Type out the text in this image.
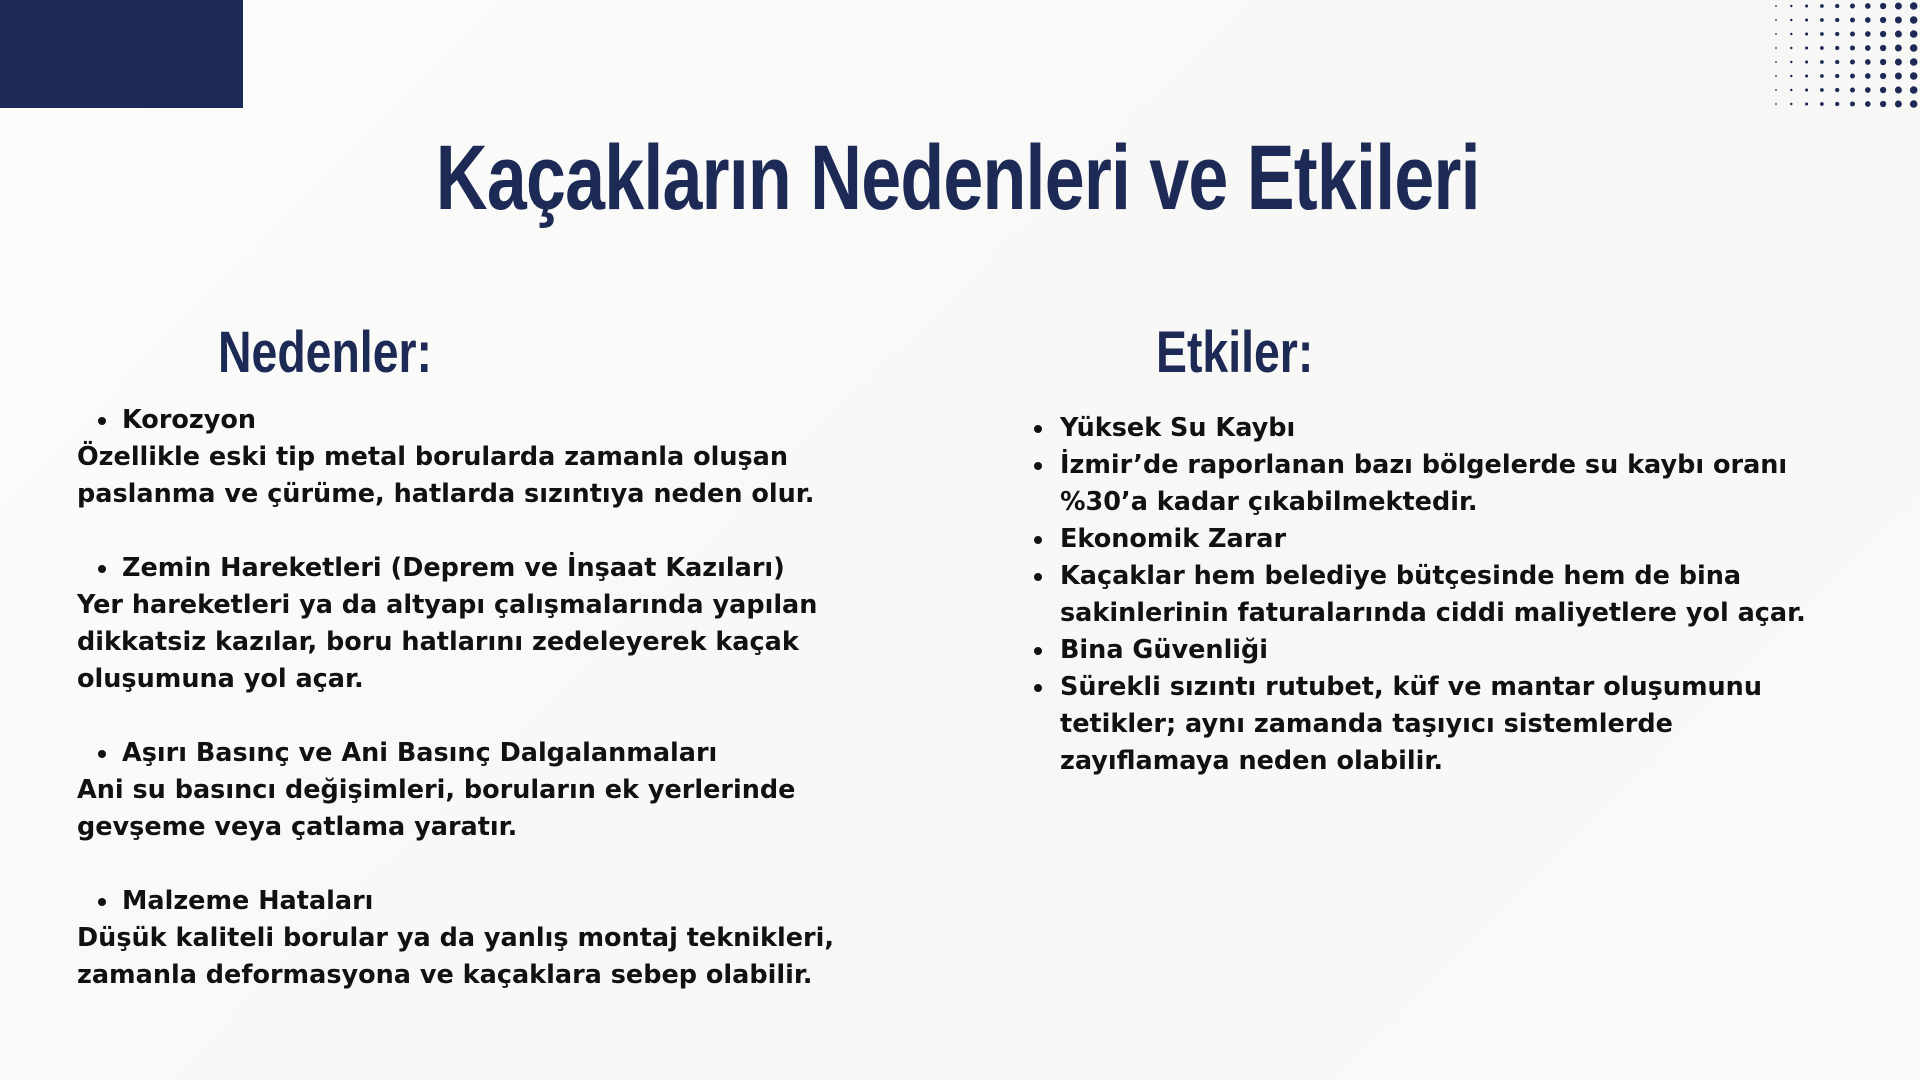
Kaçakların Nedenleri ve Etkileri
Nedenler:	Etkiler:
Korozyon
Özellikle eski tip metal borularda zamanla oluşan
paslanma ve çürüme, hatlarda sızıntıya neden olur.
Zemin Hareketleri (Deprem ve İnşaat Kazıları)
Yer hareketleri ya da altyapı çalışmalarında yapılan
dikkatsiz kazılar, boru hatlarını zedeleyerek kaçak
oluşumuna yol açar.
Aşırı Basınç ve Ani Basınç Dalgalanmaları
Ani su basıncı değişimleri, boruların ek yerlerinde
gevşeme veya çatlama yaratır.
Malzeme Hataları
Düşük kaliteli borular ya da yanlış montaj teknikleri,
zamanla deformasyona ve kaçaklara sebep olabilir.
Yüksek Su Kaybı
İzmir’de raporlanan bazı bölgelerde su kaybı oranı
%30’a kadar çıkabilmektedir.
Ekonomik Zarar
Kaçaklar hem belediye bütçesinde hem de bina
sakinlerinin faturalarında ciddi maliyetlere yol açar.
Bina Güvenliği
Sürekli sızıntı rutubet, küf ve mantar oluşumunu
tetikler; aynı zamanda taşıyıcı sistemlerde
zayıflamaya neden olabilir.
